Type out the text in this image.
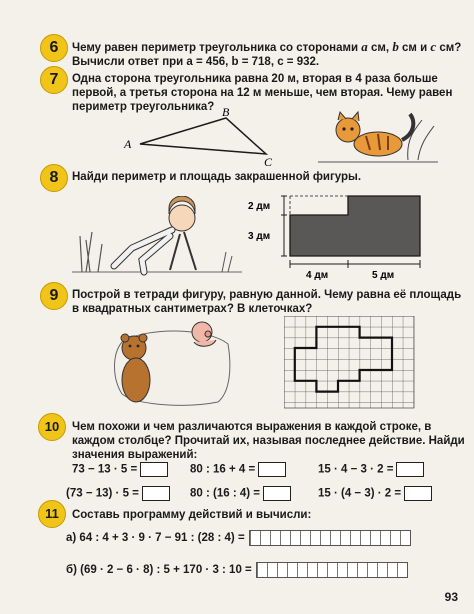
6	Чему равен периметр треугольника со сторонами a см, b см и c см?
Вычисли ответ при a = 456, b = 718, c = 932.
7	Одна сторона треугольника равна 20 м, вторая в 4 раза больше
первой, а третья сторона на 12 м меньше, чем вторая. Чему равен
периметр треугольника?
A
B
C
8	Найди периметр и площадь закрашенной фигуры.
2 дм
3 дм
4 дм	5 дм
9	Построй в тетради фигуру, равную данной. Чему равна её площадь
в квадратных сантиметрах? В клеточках?
10	Чем похожи и чем различаются выражения в каждой строке, в
каждом столбце? Прочитай их, называя последнее действие. Найди
значения выражений:
73 − 13 · 5 =	80 : 16 + 4 =	15 · 4 − 3 · 2 =
(73 − 13) · 5 =	80 : (16 : 4) =	15 · (4 − 3) · 2 =
11	Составь программу действий и вычисли:
а) 64 : 4 + 3 · 9 · 7 − 91 : (28 : 4) =
б) (69 · 2 − 6 · 8) : 5 + 170 · 3 : 10 =
93
